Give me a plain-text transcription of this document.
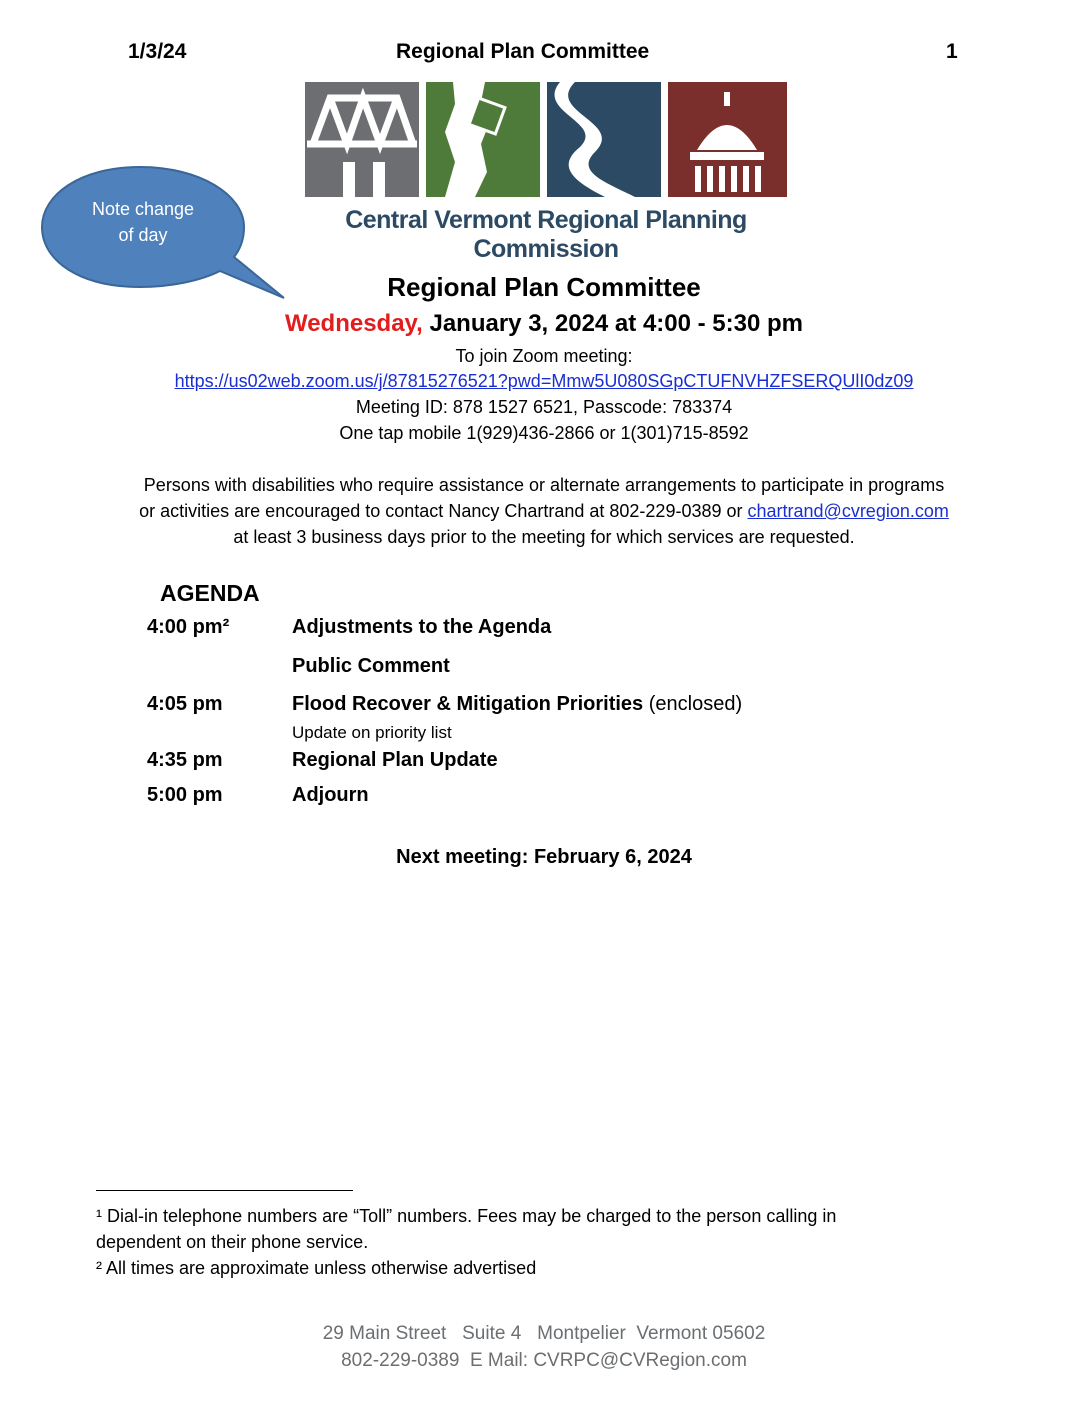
1/3/24	Regional Plan Committee	1
Central Vermont Regional Planning Commission
Note change
of day
Regional Plan Committee
Wednesday, January 3, 2024 at 4:00 - 5:30 pm
To join Zoom meeting:
https://us02web.zoom.us/j/87815276521?pwd=Mmw5U080SGpCTUFNVHZFSERQUlI0dz09
Meeting ID: 878 1527 6521, Passcode: 783374
One tap mobile 1(929)436-2866 or 1(301)715-8592
Persons with disabilities who require assistance or alternate arrangements to participate in programs
or activities are encouraged to contact Nancy Chartrand at 802-229-0389 or chartrand@cvregion.com
at least 3 business days prior to the meeting for which services are requested.
AGENDA
4:00 pm²	Adjustments to the Agenda
Public Comment
4:05 pm	Flood Recover & Mitigation Priorities (enclosed)
Update on priority list
4:35 pm	Regional Plan Update
5:00 pm	Adjourn
Next meeting: February 6, 2024
¹ Dial-in telephone numbers are “Toll” numbers. Fees may be charged to the person calling in
dependent on their phone service.
² All times are approximate unless otherwise advertised
29 Main Street   Suite 4   Montpelier  Vermont 05602
802-229-0389  E Mail: CVRPC@CVRegion.com
